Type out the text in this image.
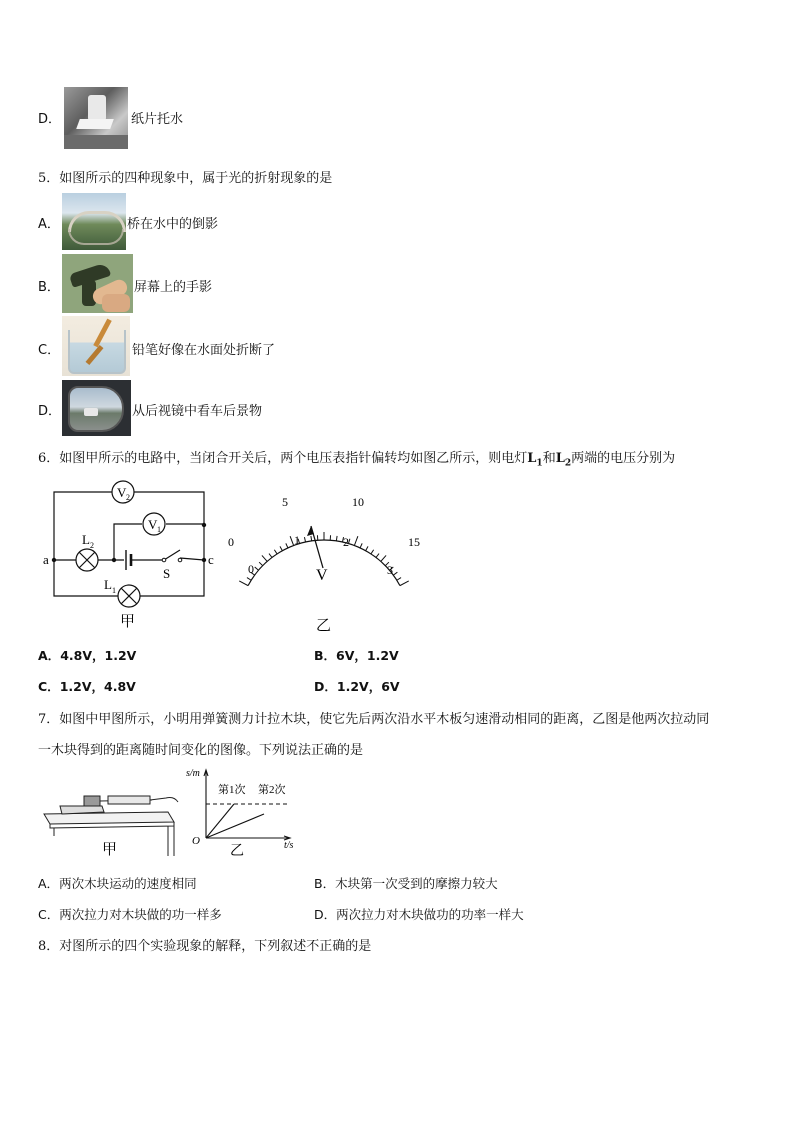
D．	纸片托水
5．如图所示的四种现象中，属于光的折射现象的是
A．	桥在水中的倒影
B．	屏幕上的手影
C．	铅笔好像在水面处折断了
D．	从后视镜中看车后景物
6．如图甲所示的电路中，当闭合开关后，两个电压表指针偏转均如图乙所示，则电灯$L_1$和$L_2$两端的电压分别为
V 2
V 1
L 2
L 1
a	c
S
甲
0
5	10
15
0
1	2
3
V
乙
A．4.8V，1.2V	B．6V，1.2V
C．1.2V，4.8V	D．1.2V，6V
7．如图中甲图所示，小明用弹簧测力计拉木块，使它先后两次沿水平木板匀速滑动相同的距离，乙图是他两次拉动同
一木块得到的距离随时间变化的图像。下列说法正确的是
甲
s/m
t/s
O
第1次 第2次
乙
A．两次木块运动的速度相同	B．木块第一次受到的摩擦力较大
C．两次拉力对木块做的功一样多	D．两次拉力对木块做功的功率一样大
8．对图所示的四个实验现象的解释，下列叙述不正确的是
